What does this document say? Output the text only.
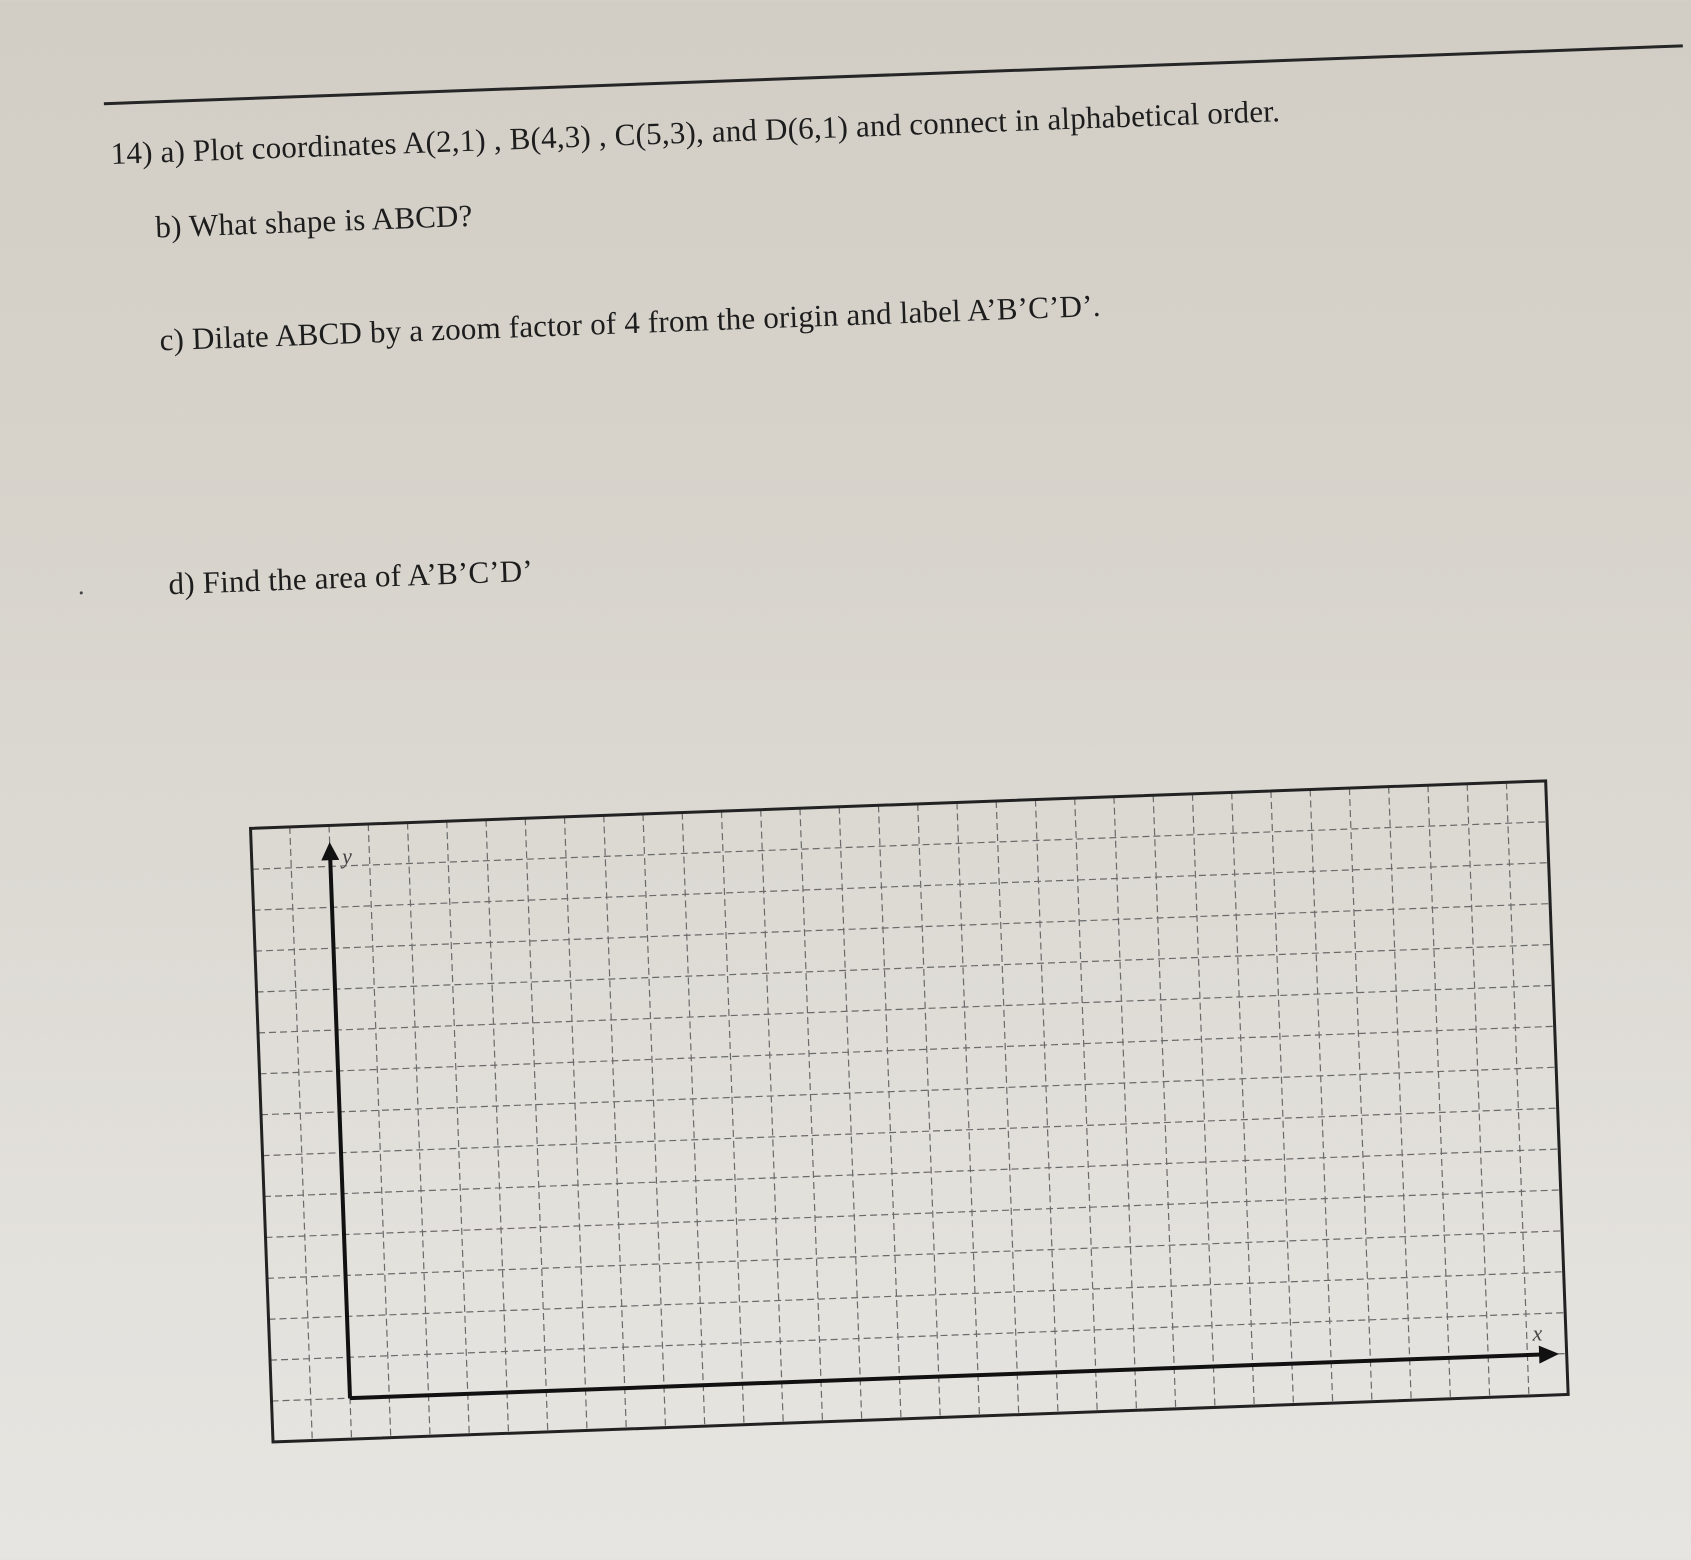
14) a) Plot coordinates A(2,1) , B(4,3) , C(5,3), and D(6,1) and connect in alphabetical order.
b) What shape is ABCD?
c) Dilate ABCD by a zoom factor of 4 from the origin and label A’B’C’D’.
d) Find the area of A’B’C’D’
y
x
